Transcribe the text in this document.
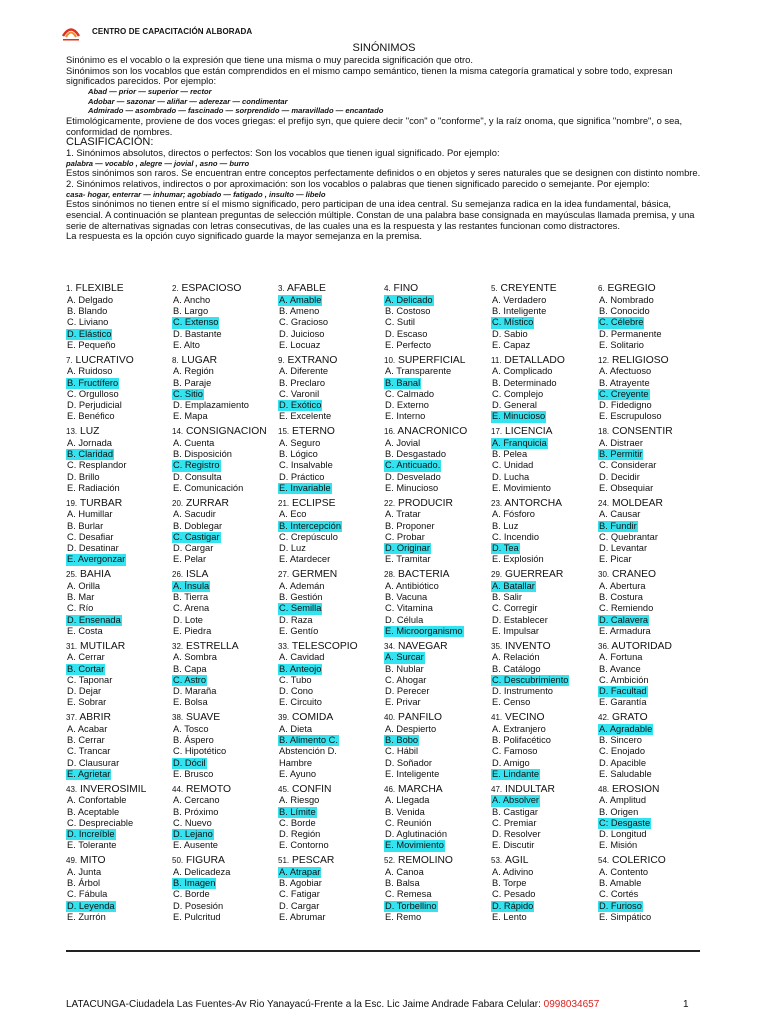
CENTRO DE CAPACITACIÓN ALBORADA
SINÓNIMOS

Sinónimo es el vocablo o la expresión que tiene una misma o muy parecida significación que otro.

Sinónimos son los vocablos que están comprendidos en el mismo campo semántico, tienen la misma categoría gramatical y sobre todo, expresan significados parecidos. Por ejemplo:

Abad — prior — superior — rector

Adobar — sazonar — aliñar — aderezar — condimentar

Admirado — asombrado — fascinado — sorprendido — maravillado — encantado

Etimológicamente, proviene de dos voces griegas: el prefijo syn, que quiere decir "con" o "conforme", y la raíz onoma, que significa "nombre", o sea, conformidad de nombres.

CLASIFICACIÓN:

1. Sinónimos absolutos, directos o perfectos: Son los vocablos que tienen igual significado. Por ejemplo:

palabra — vocablo , alegre — jovial , asno — burro

Estos sinónimos son raros. Se encuentran entre conceptos perfectamente definidos o en objetos y seres naturales que se designen con distinto nombre.

2. Sinónimos relativos, indirectos o por aproximación: son los vocablos o palabras que tienen significado parecido o semejante. Por ejemplo:

casa- hogar, enterrar — inhumar; agobiado — fatigado , insulto — libelo

Estos sinónimos no tienen entre sí el mismo significado, pero participan de una idea central. Su semejanza radica en la idea fundamental, básica, esencial. A continuación se plantean preguntas de selección múltiple. Constan de una palabra base consignada en mayúsculas llamada premisa, y una serie de alternativas signadas con letras consecutivas, de las cuales una es la respuesta y las restantes funcionan como distractores.

La respuesta es la opción cuyo significado guarde la mayor semejanza en la premisa.

1. FLEXIBLE
A. Delgado
B. Blando
C. Liviano
D. Elástico
E. Pequeño
2. ESPACIOSO
A. Ancho
B. Largo
C. Extenso
D. Bastante
E. Alto
3. AFABLE
A. Amable
B. Ameno
C. Gracioso
D. Juicioso
E. Locuaz
4. FINO
A. Delicado
B. Costoso
C. Sutil
D. Escaso
E. Perfecto
5. CREYENTE
A. Verdadero
B. Inteligente
C. Místico
D. Sabio
E. Capaz
6. EGREGIO
A. Nombrado
B. Conocido
C. Célebre
D. Permanente
E. Solitario
7. LUCRATIVO
A. Ruidoso
B. Fructífero
C. Orgulloso
D. Perjudicial
E. Benéfico
8. LUGAR
A. Región
B. Paraje
C. Sitio
D. Emplazamiento
E. Mapa
9. EXTRAÑO
A. Diferente
B. Preclaro
C. Varonil
D. Exótico
E. Excelente
10. SUPERFICIAL
A. Transparente
B. Banal
C. Calmado
D. Externo
E. Interno
11. DETALLADO
A. Complicado
B. Determinado
C. Complejo
D. General
E. Minucioso
12. RELIGIOSO
A. Afectuoso
B. Atrayente
C. Creyente
D. Fidedigno
E. Escrupuloso
13. LUZ
A. Jornada
B. Claridad
C. Resplandor
D. Brillo
E. Radiación
14. CONSIGNACIÓN
A. Cuenta
B. Disposición
C. Registro
D. Consulta
E. Comunicación
15. ETERNO
A. Seguro
B. Lógico
C. Insalvable
D. Práctico
E. Invariable
16. ANACRÓNICO
A. Jovial
B. Desgastado
C. Anticuado.
D. Desvelado
E. Minucioso
17. LICENCIA
A. Franquicia
B. Pelea
C. Unidad
D. Lucha
E. Movimiento
18. CONSENTIR
A. Distraer
B. Permitir
C. Considerar
D. Decidir
E. Obsequiar
19. TURBAR
A. Humillar
B. Burlar
C. Desafiar
D. Desatinar
E. Avergonzar
20. ZURRAR
A. Sacudir
B. Doblegar
C. Castigar
D. Cargar
E. Pelar
21. ECLIPSE
A. Eco
B. Intercepción
C. Crepúsculo
D. Luz
E. Atardecer
22. PRODUCIR
A. Tratar
B. Proponer
C. Probar
D. Originar
E. Tramitar
23. ANTORCHA
A. Fósforo
B. Luz
C. Incendio
D. Tea
E. Explosión
24. MOLDEAR
A. Causar
B. Fundir
C. Quebrantar
D. Levantar
E. Picar
25. BAHÍA
A. Orilla
B. Mar
C. Río
D. Ensenada
E. Costa
26. ISLA
A. Ínsula
B. Tierra
C. Arena
D. Lote
E. Piedra
27. GERMEN
A. Ademán
B. Gestión
C. Semilla
D. Raza
E. Gentío
28. BACTERIA
A. Antibiótico
B. Vacuna
C. Vitamina
D. Célula
E. Microorganismo
29. GUERREAR
A. Batallar
B. Salir
C. Corregir
D. Establecer
E. Impulsar
30. CRÁNEO
A. Abertura
B. Costura
C. Remiendo
D. Calavera
E. Armadura
31. MUTILAR
A. Cerrar
B. Cortar
C. Taponar
D. Dejar
E. Sobrar
32. ESTRELLA
A. Sombra
B. Capa
C. Astro
D. Maraña
E. Bolsa
33. TELESCOPIO
A. Cavidad
B. Anteojo
C. Tubo
D. Cono
E. Circuito
34. NAVEGAR
A. Surcar
B. Nublar
C. Ahogar
D. Perecer
E. Privar
35. INVENTO
A. Relación
B. Catálogo
C. Descubrimiento
D. Instrumento
E. Censo
36. AUTORIDAD
A. Fortuna
B. Avance
C. Ambición
D. Facultad
E. Garantía
37. ABRIR
A. Acabar
B. Cerrar
C. Trancar
D. Clausurar
E. Agrietar
38. SUAVE
A. Tosco
B. Áspero
C. Hipotético
D. Dócil
E. Brusco
39. COMIDA
A. Dieta
B. Alimento C.
Abstención D.
Hambre
E. Ayuno
40. PÁNFILO
A. Despierto
B. Bobo
C. Hábil
D. Soñador
E. Inteligente
41. VECINO
A. Extranjero
B. Polifacético
C. Famoso
D. Amigo
E. Lindante
42. GRATO
A. Agradable
B. Sincero
C. Enojado
D. Apacible
E. Saludable
43. INVEROSÍMIL
A. Confortable
B. Aceptable
C. Despreciable
D. Increíble
E. Tolerante
44. REMOTO
A. Cercano
B. Próximo
C. Nuevo
D. Lejano
E. Ausente
45. CONFÍN
A. Riesgo
B. Límite
C. Borde
D. Región
E. Contorno
46. MARCHA
A. Llegada
B. Venida
C. Reunión
D. Aglutinación
E. Movimiento
47. INDULTAR
A. Absolver
B. Castigar
C. Premiar
D. Resolver
E. Discutir
48. EROSIÓN
A. Amplitud
B. Origen
C: Desgaste
D. Longitud
E. Misión
49. MITO
A. Junta
B. Árbol
C. Fábula
D. Leyenda
E. Zurrón
50. FIGURA
A. Delicadeza
B. Imagen
C. Borde
D. Posesión
E. Pulcritud
51. PESCAR
A. Atrapar
B. Agobiar
C. Fatigar
D. Cargar
E. Abrumar
52. REMOLINO
A. Canoa
B. Balsa
C. Remesa
D. Torbellino
E. Remo
53. ÁGIL
A. Adivino
B. Torpe
C. Pesado
D. Rápido
E. Lento
54. COLÉRICO
A. Contento
B. Amable
C. Cortés
D. Furioso
E. Simpático
LATACUNGA-Ciudadela Las Fuentes-Av Rio Yanayacú-Frente a la Esc. Lic Jaime Andrade Fabara Celular: 0998034657	1
